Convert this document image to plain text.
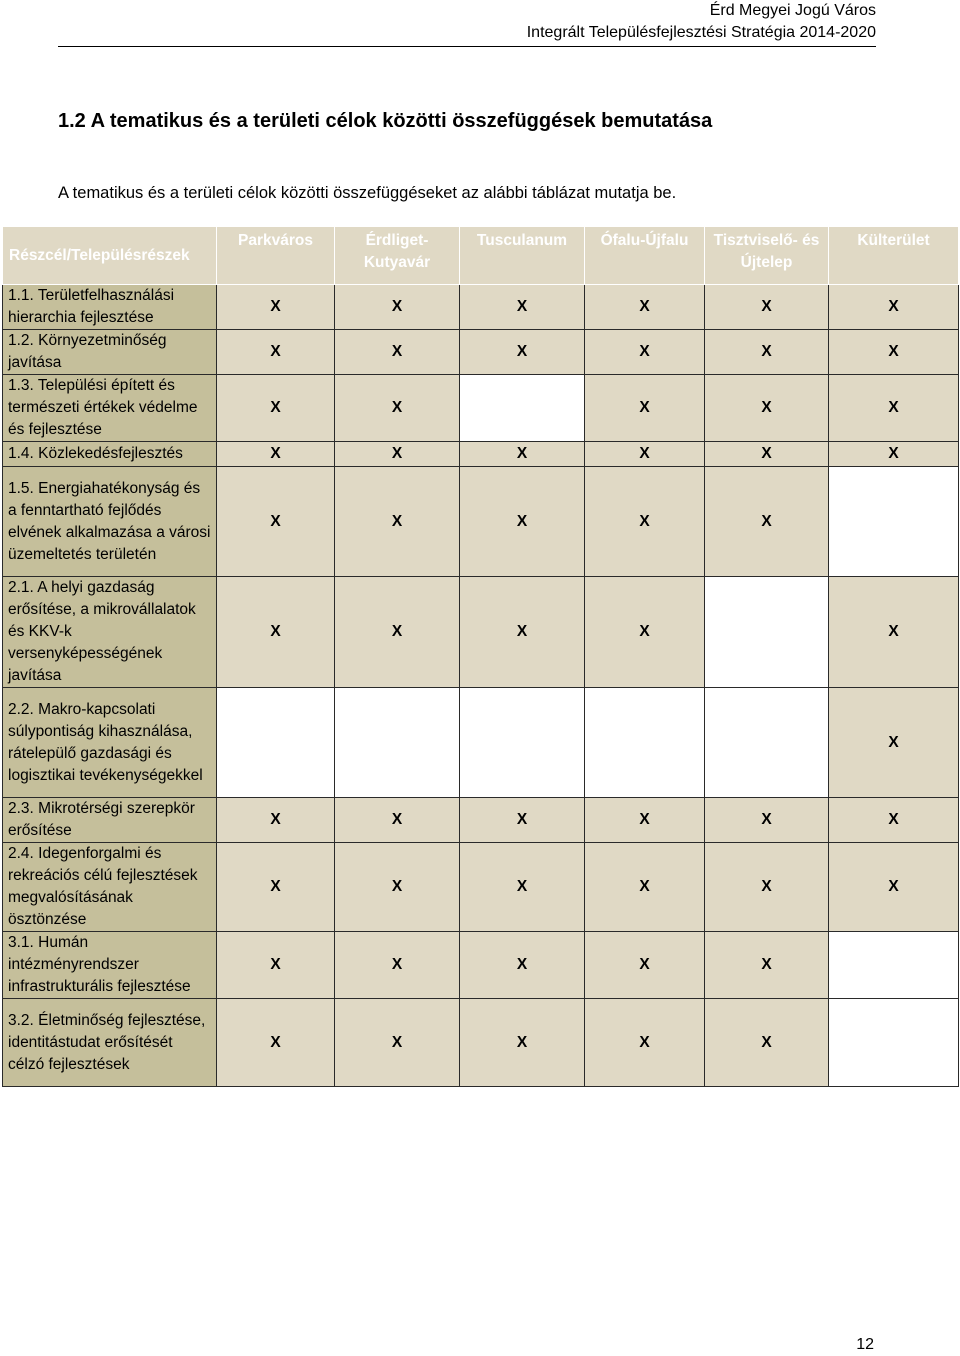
Érd Megyei Jogú Város
Integrált Településfejlesztési Stratégia 2014-2020
1.2 A tematikus és a területi célok közötti összefüggések bemutatása

A tematikus és a területi célok közötti összefüggéseket az alábbi táblázat mutatja be.

Részcél/Településrészek	Parkváros	Érdliget-Kutyavár	Tusculanum	Ófalu-Újfalu	Tisztviselő- és Újtelep	Külterület
1.1. Területfelhasználási hierarchia fejlesztése	X	X	X	X	X	X
1.2. Környezetminőség javítása	X	X	X	X	X	X
1.3. Települési épített és természeti értékek védelme és fejlesztése	X	X		X	X	X
1.4. Közlekedésfejlesztés	X	X	X	X	X	X
1.5. Energiahatékonyság és a fenntartható fejlődés elvének alkalmazása a városi üzemeltetés területén	X	X	X	X	X	
2.1. A helyi gazdaság erősítése, a mikrovállalatok és KKV-k versenyképességének javítása	X	X	X	X		X
2.2. Makro-kapcsolati súlypontiság kihasználása, rátelepülő gazdasági és logisztikai tevékenységekkel						X
2.3. Mikrotérségi szerepkör erősítése	X	X	X	X	X	X
2.4. Idegenforgalmi és rekreációs célú fejlesztések megvalósításának ösztönzése	X	X	X	X	X	X
3.1. Humán intézményrendszer infrastrukturális fejlesztése	X	X	X	X	X	
3.2. Életminőség fejlesztése, identitástudat erősítését célzó fejlesztések	X	X	X	X	X	
12
